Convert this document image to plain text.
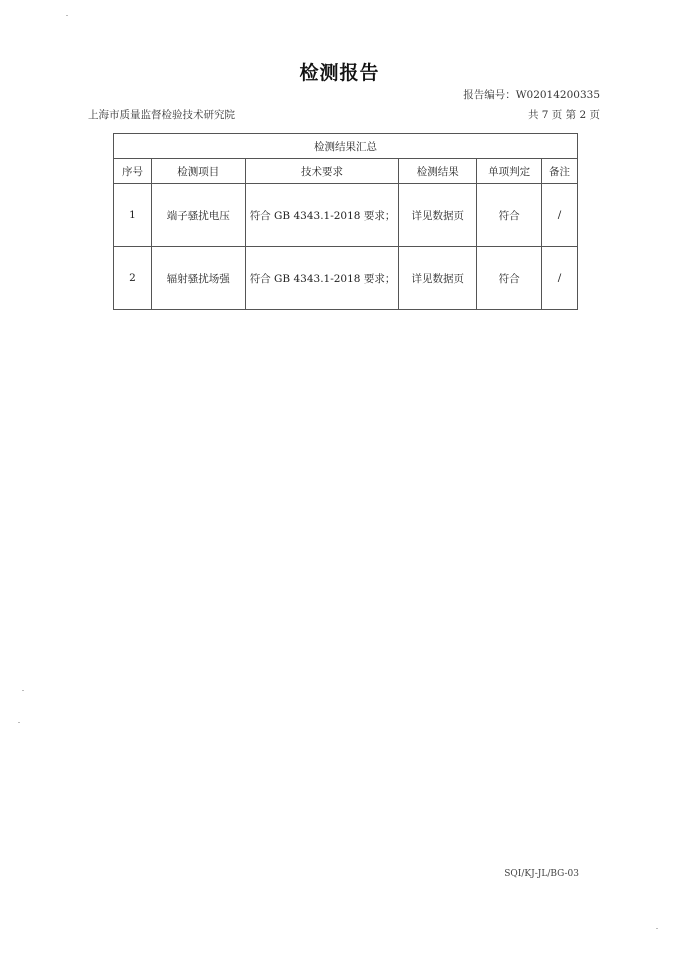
检测报告
报告编号：W02014200335
上海市质量监督检验技术研究院	共 7 页 第 2 页
检测结果汇总					
序号	检测项目	技术要求	检测结果	单项判定	备注
1	端子骚扰电压	符合 GB 4343.1-2018 要求；	详见数据页	符合	/
2	辐射骚扰场强	符合 GB 4343.1-2018 要求；	详见数据页	符合	/
SQI/KJ-JL/BG-03
